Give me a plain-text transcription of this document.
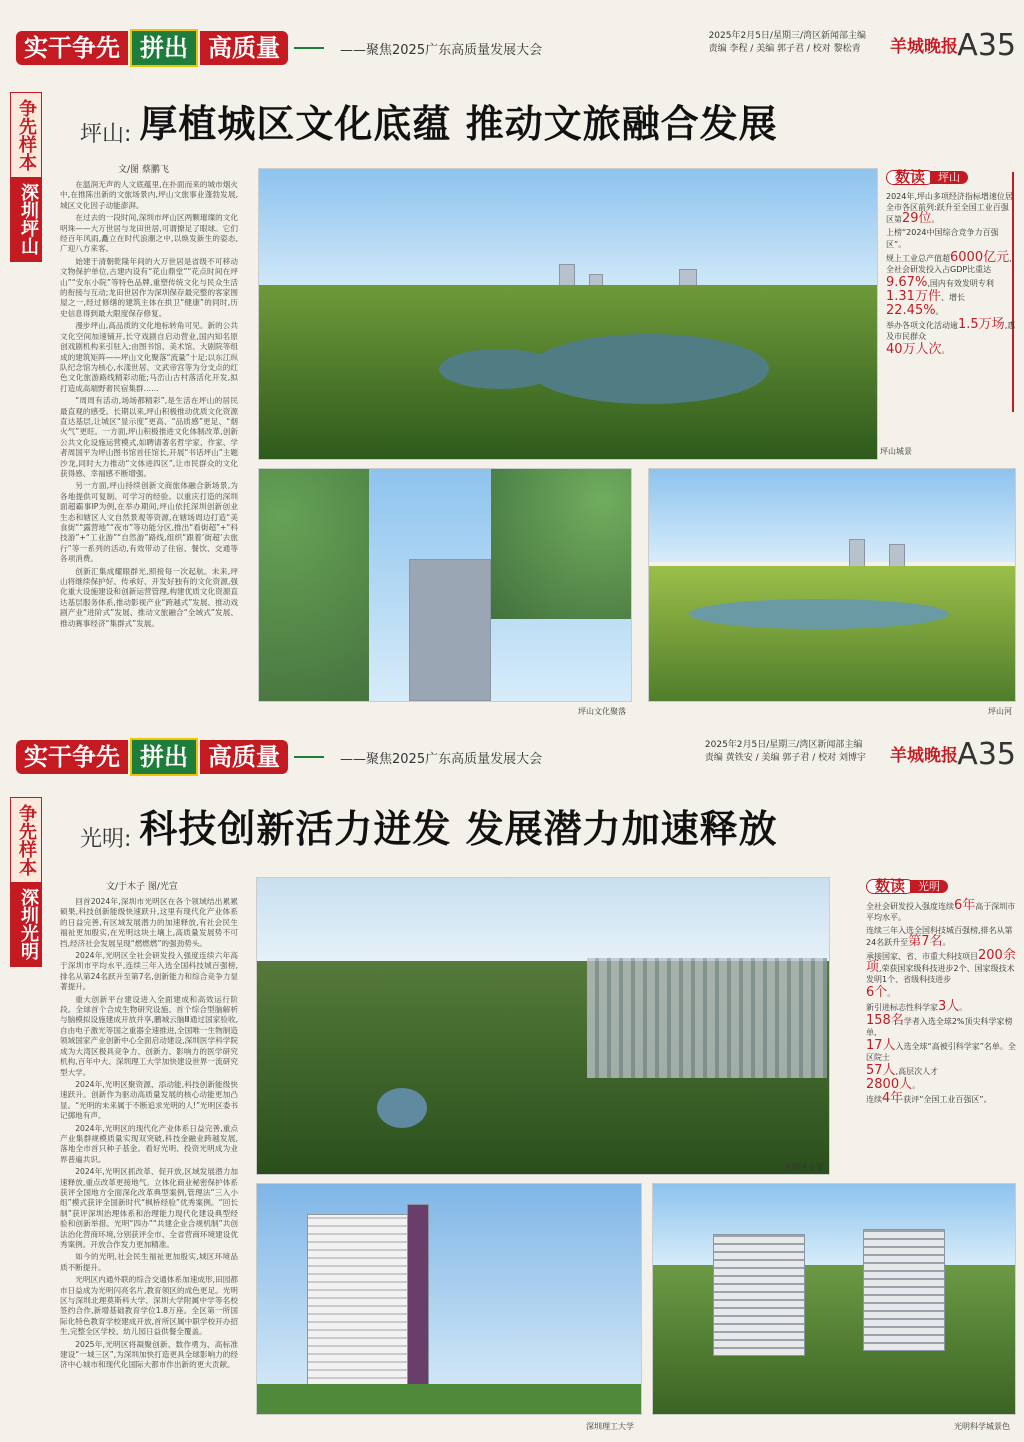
实干争先 拼出 高质量	——聚焦2025广东高质量发展大会
2025年2月5日/星期三/湾区新闻部主编
责编 李程 / 美编 郭子君 / 校对 黎松青	羊城晚报 A35
争先样本
深圳坪山
坪山: 厚植城区文化底蕴 推动文旅融合发展
文/图 蔡鹏飞

在温润无声的人文底蕴里,在扑面而来的城市烟火中,在推陈出新的文旅场景内,坪山文旅事业蓬勃发展,城区文化因子动能澎湃。

在过去的一段时间,深圳市坪山区两颗璀璨的文化明珠——大万世居与龙田世居,可谓撩足了眼球。它们经百年风雨,矗立在时代浪潮之中,以焕发新生的姿态,广迎八方来客。

始建于清朝乾隆年间的大万世居是省级不可移动文物保护单位,古建内设有“花山鼎堂”“花点时间在坪山”“安东小院”等特色品牌,重塑传统文化与民众生活的衔接与互动;龙田世居作为深圳保存最完整的客家围屋之一,经过修缮的建筑主体在拱卫“健康”的同时,历史信息得到最大限度保存修复。

漫步坪山,高品质的文化地标转角可见。新的公共文化空间加速铺开,长守戏剧自启动营业,国内知名原创戏剧机构来引驻入;由图书馆、美术馆、大剧院等组成的建筑矩阵——坪山文化聚落“流量”十足;以东江纵队纪念馆为核心,水漾世居、文武帝宫等为分支点的红色文化旅游路线精彩动能;马峦山古村落活化开发,拟打造成高端野奢民宿集群……

“周周有活动,场场都精彩”,是生活在坪山的居民最直观的感受。长期以来,坪山积极推动优质文化资源直达基层,让城区“显示度”更高、“品质感”更足、“烟火气”更旺。一方面,坪山积极推进文化体制改革,创新公共文化设施运营模式,如聘请著名哲学家、作家、学者周国平为坪山图书馆首任馆长,开展“书话坪山”主题沙龙,同时大力推动“文体进四区”,让市民群众的文化获得感、幸福感不断增强。

另一方面,坪山持续创新文商旅体融合新场景,为各地提供可复制、可学习的经验。以重庆打造的深圳面超霸事IP为例,在举办期间,坪山依托深圳创新创业生态和辖区人文自然景观等资源,在辖场周边打造“美食街”“露营地”“夜市”等功能分区,推出“看街超”+“科技游”+“工业游”“自然游”路线,组织“跟着‘街超’去旅行”等一系列的活动,有效带动了住宿、餐饮、交通等各项消费。

创新汇集成耀眼群光,照接每一次起航。未来,坪山将继续保护好、传承好、开发好独有的文化资源,强化重大设施建设和创新运营管理,构建优质文化资源直达基层服务体系,推动影视产业“跨越式”发展、推动戏剧产业“进阶式”发展、推动文旅融合“全域式”发展、推动赛事经济“集群式”发展。

坪山城景
坪山文化聚落	坪山河
数读	坪山
2024年,坪山多项经济指标增速位居全市各区前列:跃升至全国工业百强区第29位。
上榜“2024中国综合竞争力百强区”。
规上工业总产值超6000亿元,全社会研发投入占GDP比重达
9.67%,国内有效发明专利
1.31万件、增长
22.45%。
举办各项文化活动逾1.5万场,惠及市民群众
40万人次。
实干争先 拼出 高质量	——聚焦2025广东高质量发展大会
2025年2月5日/星期三/湾区新闻部主编
责编 黄铁安 / 美编 郭子君 / 校对 刘博宇 羊城晚报 A35
争先样本
深圳光明
光明: 科技创新活力迸发 发展潜力加速释放
文/于木子 图/光宣

回首2024年,深圳市光明区在各个领域结出累累硕果,科技创新能级快速跃升,这里有现代化产业体系的日益完善,有区域发展潜力的加速释放,有社会民生福祉更加殷实,在光明这块土壤上,高质量发展势不可挡,经济社会发展呈现“燃燃燃”的强劲势头。

2024年,光明区全社会研发投入强度连续六年高于深圳市平均水平,连续三年入选全国科技城百强榜,排名从第24名跃升至第7名,创新能力和综合竞争力显著提升。

重大创新平台建设进入全面建成和高效运行阶段。全球首个合成生物研究设施、首个综合型脑解析与脑模拟设施建成开放并享,鹏城云脑Ⅲ通过国家验收,自由电子激光等国之重器全速推进,全国唯一生物制造领域国家产业创新中心全面启动建设,深圳医学科学院成为大湾区极具竞争力、创新力、影响力的医学研究机构,百年中大、深圳理工大学加快建设世界一流研究型大学。

2024年,光明区聚资源、添动能,科技创新能级快速跃升。创新作为驱动高质量发展的核心动能更加凸显。“光明的未来属于不断追求光明的人!”光明区委书记掷地有声。

2024年,光明区的现代化产业体系日益完善,重点产业集群规模质量实现双突破,科技金融业跨越发展,落地全市首只种子基金。看好光明、投资光明成为业界普遍共识。

2024年,光明区抓改革、促开放,区域发展潜力加速释放,重点改革更接地气。立体化商业秘密保护体系获评全国地方全面深化改革典型案例,管理法“三入小组”模式获评全国新时代“枫桥经验”优秀案例。“回长制”获评深圳治理体系和治理能力现代化建设典型经验和创新举措。光明“四办”“共建企业合规机制”共创法治化营商环境,分别获评全市、全省营商环境建设优秀案例。开放合作发力更加精准。

如今的光明,社会民生福祉更加殷实,城区环境品质不断提升。

光明区内通外联的综合交通体系加速成形,田园都市日益成为光明闪亮名片,教育领区的成色更足。光明区与深圳北理莫斯科大学、深圳大学附属中学等名校签约合作,新增基础教育学位1.8万座。全区第一所国际化特色教育学校建成开放,首所区属中职学校开办招生,完整全区学校、幼儿园日益供餐全覆盖。

2025年,光明区将凝聚创新、数作勇为、高标准建设“一城三区”,为深圳加快打造更具全球影响力的经济中心城市和现代化国际大都市作出新的更大贡献。

光明区全景
深圳理工大学	光明科学城景色
数读	光明
全社会研发投入强度连续6年高于深圳市平均水平。
连续三年入选全国科技城百强榜,排名从第24名跃升至第7名。
承接国家、省、市重大科技项目200余项,荣获国家级科技进步2个、国家级技术发明1个、省级科技进步
6个。
新引进标志性科学家3人。
158名学者入选全球2%顶尖科学家榜单,
17人入选全球“高被引科学家”名单。全区院士
57人,高层次人才
2800人。
连续4年获评“全国工业百强区”。
